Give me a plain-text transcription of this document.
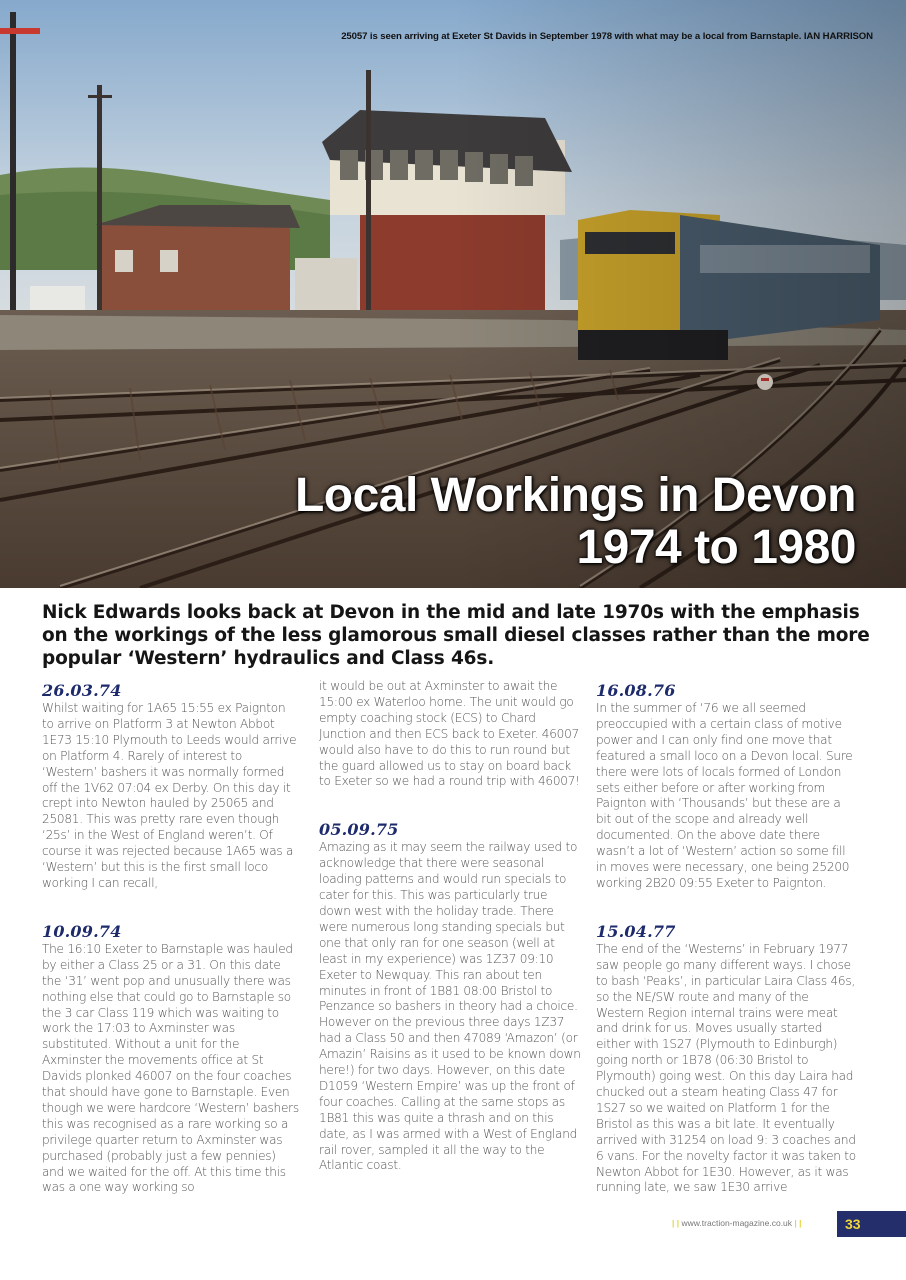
25057 is seen arriving at Exeter St Davids in September 1978 with what may be a local from Barnstaple. IAN HARRISON
Local Workings in Devon
1974 to 1980
Nick Edwards looks back at Devon in the mid and late 1970s with the emphasis on the workings of the less glamorous small diesel classes rather than the more popular ‘Western’ hydraulics and Class 46s.
26.03.74

Whilst waiting for 1A65 15:55 ex Paignton to arrive on Platform 3 at Newton Abbot 1E73 15:10 Plymouth to Leeds would arrive on Platform 4. Rarely of interest to ‘Western’ bashers it was normally formed off the 1V62 07:04 ex Derby. On this day it crept into Newton hauled by 25065 and 25081. This was pretty rare even though ‘25s’ in the West of England weren’t. Of course it was rejected because 1A65 was a ‘Western’ but this is the first small loco working I can recall,

10.09.74

The 16:10 Exeter to Barnstaple was hauled by either a Class 25 or a 31. On this date the ‘31’ went pop and unusually there was nothing else that could go to Barnstaple so the 3 car Class 119 which was waiting to work the 17:03 to Axminster was substituted. Without a unit for the Axminster the movements office at St Davids plonked 46007 on the four coaches that should have gone to Barnstaple. Even though we were hardcore ‘Western’ bashers this was recognised as a rare working so a privilege quarter return to Axminster was purchased (probably just a few pennies) and we waited for the off. At this time this was a one way working so

it would be out at Axminster to await the 15:00 ex Waterloo home. The unit would go empty coaching stock (ECS) to Chard Junction and then ECS back to Exeter. 46007 would also have to do this to run round but the guard allowed us to stay on board back to Exeter so we had a round trip with 46007!

05.09.75

Amazing as it may seem the railway used to acknowledge that there were seasonal loading patterns and would run specials to cater for this. This was particularly true down west with the holiday trade. There were numerous long standing specials but one that only ran for one season (well at least in my experience) was 1Z37 09:10 Exeter to Newquay. This ran about ten minutes in front of 1B81 08:00 Bristol to Penzance so bashers in theory had a choice. However on the previous three days 1Z37 had a Class 50 and then 47089 ‘Amazon’ (or Amazin’ Raisins as it used to be known down here!) for two days. However, on this date D1059 ‘Western Empire’ was up the front of four coaches. Calling at the same stops as 1B81 this was quite a thrash and on this date, as I was armed with a West of England rail rover, sampled it all the way to the Atlantic coast.

16.08.76

In the summer of ‘76 we all seemed preoccupied with a certain class of motive power and I can only find one move that featured a small loco on a Devon local. Sure there were lots of locals formed of London sets either before or after working from Paignton with ‘Thousands’ but these are a bit out of the scope and already well documented. On the above date there wasn’t a lot of ‘Western’ action so some fill in moves were necessary, one being 25200 working 2B20 09:55 Exeter to Paignton.

15.04.77

The end of the ‘Westerns’ in February 1977 saw people go many different ways. I chose to bash ‘Peaks’, in particular Laira Class 46s, so the NE/SW route and many of the Western Region internal trains were meat and drink for us. Moves usually started either with 1S27 (Plymouth to Edinburgh) going north or 1B78 (06:30 Bristol to Plymouth) going west. On this day Laira had chucked out a steam heating Class 47 for 1S27 so we waited on Platform 1 for the Bristol as this was a bit late. It eventually arrived with 31254 on load 9: 3 coaches and 6 vans. For the novelty factor it was taken to Newton Abbot for 1E30. However, as it was running late, we saw 1E30 arrive

| | www.traction-magazine.co.uk | |	33
